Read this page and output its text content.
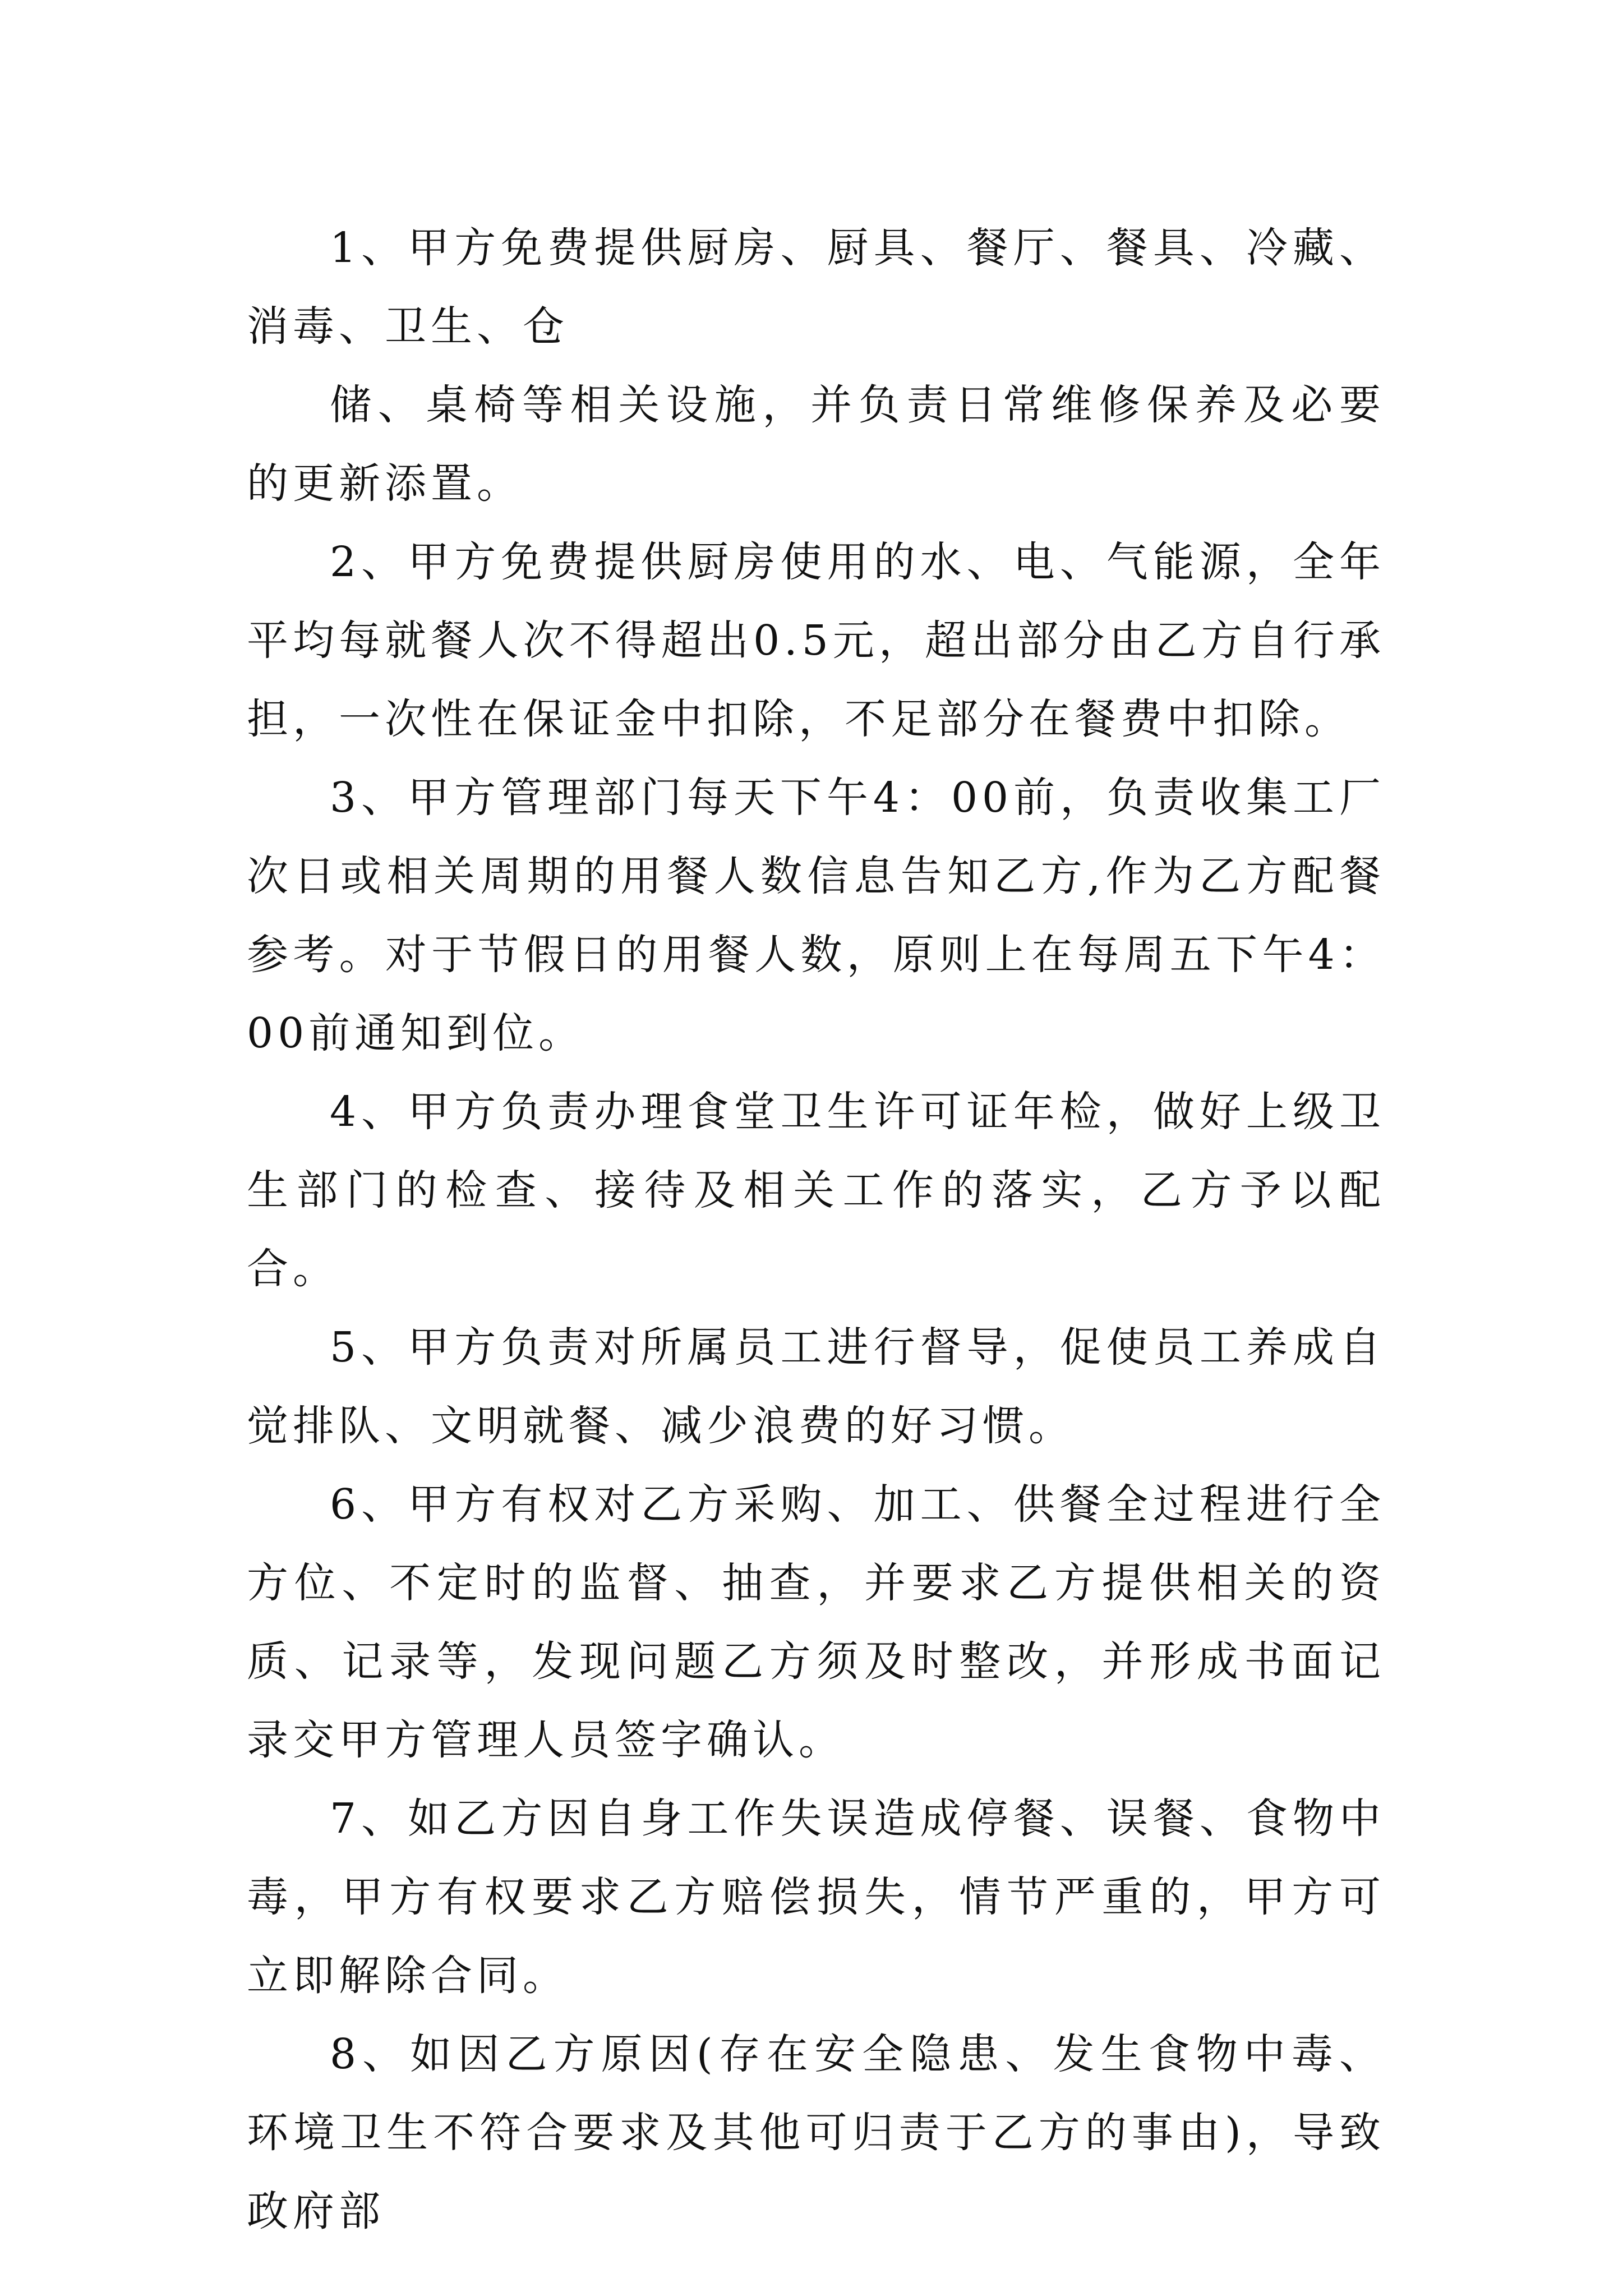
1、甲方免费提供厨房、厨具、餐厅、餐具、冷藏、消毒、卫生、仓

储、桌椅等相关设施，并负责日常维修保养及必要的更新添置。

2、甲方免费提供厨房使用的水、电、气能源，全年平均每就餐人次不得超出0.5元，超出部分由乙方自行承担，一次性在保证金中扣除，不足部分在餐费中扣除。

3、甲方管理部门每天下午4：00前，负责收集工厂次日或相关周期的用餐人数信息告知乙方,作为乙方配餐参考。对于节假日的用餐人数，原则上在每周五下午4：00前通知到位。

4、甲方负责办理食堂卫生许可证年检，做好上级卫生部门的检查、接待及相关工作的落实，乙方予以配合。

5、甲方负责对所属员工进行督导，促使员工养成自觉排队、文明就餐、减少浪费的好习惯。

6、甲方有权对乙方采购、加工、供餐全过程进行全方位、不定时的监督、抽查，并要求乙方提供相关的资质、记录等，发现问题乙方须及时整改，并形成书面记录交甲方管理人员签字确认。

7、如乙方因自身工作失误造成停餐、误餐、食物中毒，甲方有权要求乙方赔偿损失，情节严重的，甲方可立即解除合同。

8、如因乙方原因(存在安全隐患、发生食物中毒、环境卫生不符合要求及其他可归责于乙方的事由)，导致政府部
